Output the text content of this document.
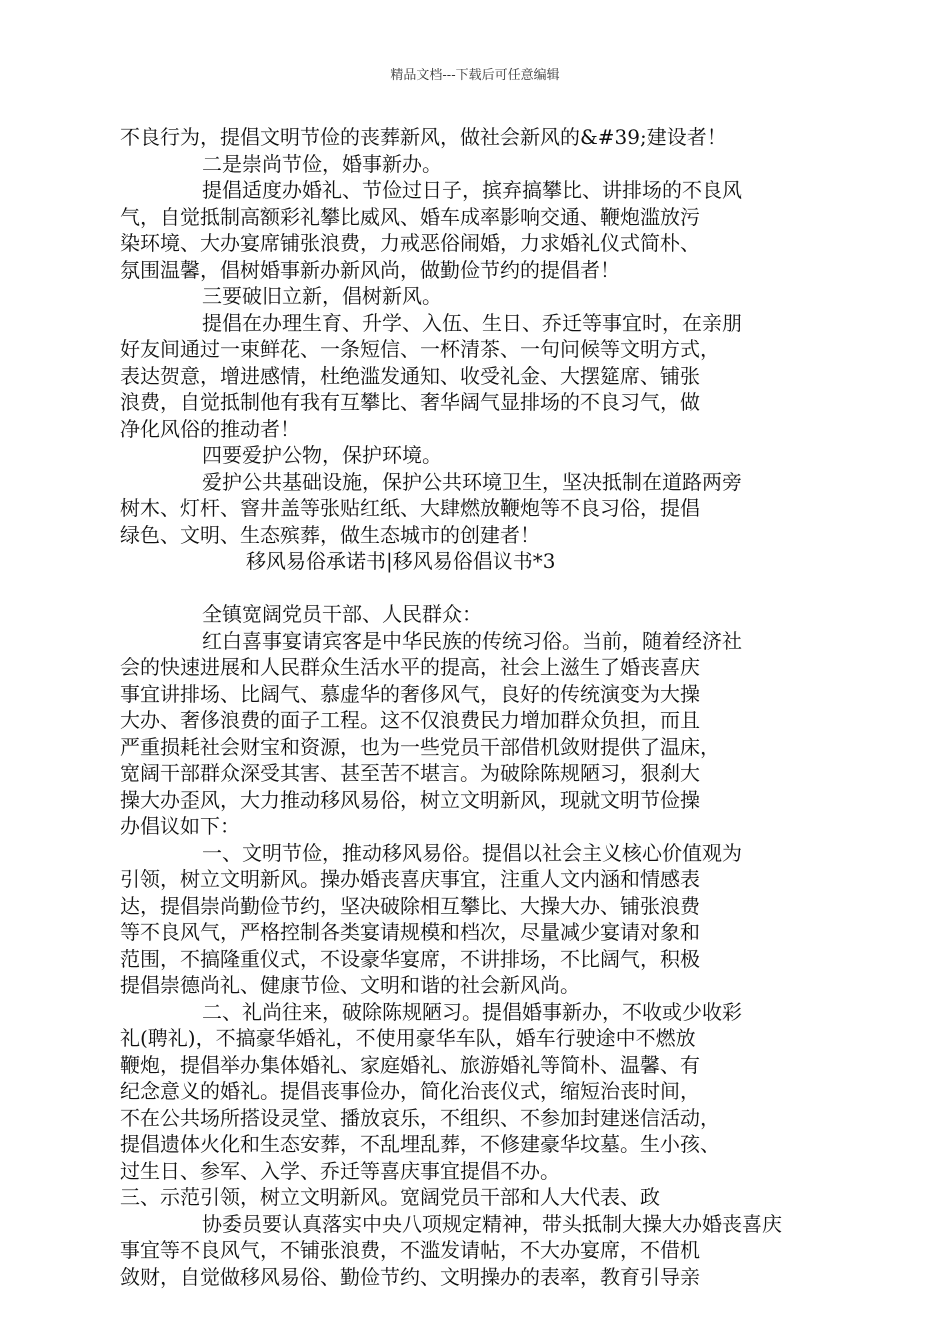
精品文档---下载后可任意编辑
不良行为，提倡文明节俭的丧葬新风，做社会新风的&#39;建设者！
二是崇尚节俭，婚事新办。
提倡适度办婚礼、节俭过日子，摈弃搞攀比、讲排场的不良风
气，自觉抵制高额彩礼攀比威风、婚车成率影响交通、鞭炮滥放污
染环境、大办宴席铺张浪费，力戒恶俗闹婚，力求婚礼仪式简朴、
氛围温馨，倡树婚事新办新风尚，做勤俭节约的提倡者！
三要破旧立新，倡树新风。
提倡在办理生育、升学、入伍、生日、乔迁等事宜时，在亲朋
好友间通过一束鲜花、一条短信、一杯清茶、一句问候等文明方式，
表达贺意，增进感情，杜绝滥发通知、收受礼金、大摆筵席、铺张
浪费，自觉抵制他有我有互攀比、奢华阔气显排场的不良习气，做
净化风俗的推动者！
四要爱护公物，保护环境。
爱护公共基础设施，保护公共环境卫生，坚决抵制在道路两旁
树木、灯杆、窨井盖等张贴红纸、大肆燃放鞭炮等不良习俗，提倡
绿色、文明、生态殡葬，做生态城市的创建者！
移风易俗承诺书|移风易俗倡议书*3
全镇宽阔党员干部、人民群众：
红白喜事宴请宾客是中华民族的传统习俗。当前，随着经济社
会的快速进展和人民群众生活水平的提高，社会上滋生了婚丧喜庆
事宜讲排场、比阔气、慕虚华的奢侈风气，良好的传统演变为大操
大办、奢侈浪费的面子工程。这不仅浪费民力增加群众负担，而且
严重损耗社会财宝和资源，也为一些党员干部借机敛财提供了温床，
宽阔干部群众深受其害、甚至苦不堪言。为破除陈规陋习，狠刹大
操大办歪风，大力推动移风易俗，树立文明新风，现就文明节俭操
办倡议如下：
一、文明节俭，推动移风易俗。提倡以社会主义核心价值观为
引领，树立文明新风。操办婚丧喜庆事宜，注重人文内涵和情感表
达，提倡崇尚勤俭节约，坚决破除相互攀比、大操大办、铺张浪费
等不良风气，严格控制各类宴请规模和档次，尽量减少宴请对象和
范围，不搞隆重仪式，不设豪华宴席，不讲排场，不比阔气，积极
提倡崇德尚礼、健康节俭、文明和谐的社会新风尚。
二、礼尚往来，破除陈规陋习。提倡婚事新办，不收或少收彩
礼(聘礼)，不搞豪华婚礼，不使用豪华车队，婚车行驶途中不燃放
鞭炮，提倡举办集体婚礼、家庭婚礼、旅游婚礼等简朴、温馨、有
纪念意义的婚礼。提倡丧事俭办，简化治丧仪式，缩短治丧时间，
不在公共场所搭设灵堂、播放哀乐，不组织、不参加封建迷信活动，
提倡遗体火化和生态安葬，不乱埋乱葬，不修建豪华坟墓。生小孩、
过生日、参军、入学、乔迁等喜庆事宜提倡不办。
三、示范引领，树立文明新风。宽阔党员干部和人大代表、政
协委员要认真落实中央八项规定精神，带头抵制大操大办婚丧喜庆
事宜等不良风气，不铺张浪费，不滥发请帖，不大办宴席，不借机
敛财，自觉做移风易俗、勤俭节约、文明操办的表率，教育引导亲
